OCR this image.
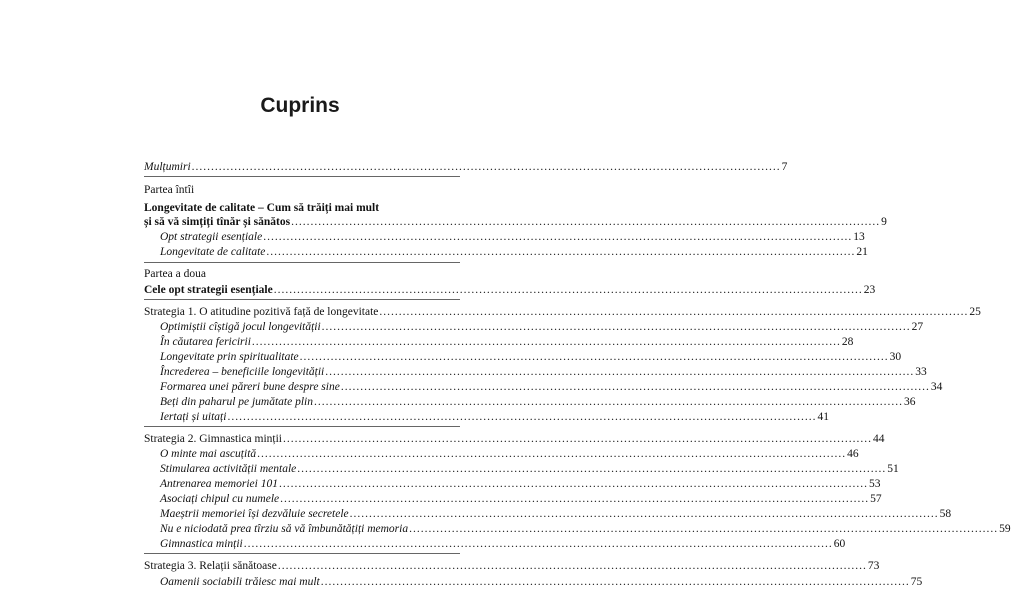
Cuprins
Mulțumiri ........................................................................................................................................................ 7
Partea întîi
Longevitate de calitate – Cum să trăiți mai mult
și să vă simțiți tînăr și sănătos ........................................................................................................................................................ 9
Opt strategii esențiale ........................................................................................................................................................ 13
Longevitate de calitate ........................................................................................................................................................ 21
Partea a doua
Cele opt strategii esențiale ........................................................................................................................................................ 23
Strategia 1. O atitudine pozitivă față de longevitate ........................................................................................................................................................ 25
Optimiștii cîștigă jocul longevității ........................................................................................................................................................ 27
În căutarea fericirii ........................................................................................................................................................ 28
Longevitate prin spiritualitate ........................................................................................................................................................ 30
Încrederea – beneficiile longevității ........................................................................................................................................................ 33
Formarea unei păreri bune despre sine ........................................................................................................................................................ 34
Beți din paharul pe jumătate plin ........................................................................................................................................................ 36
Iertați și uitați ........................................................................................................................................................ 41
Strategia 2. Gimnastica minții ........................................................................................................................................................ 44
O minte mai ascuțită ........................................................................................................................................................ 46
Stimularea activității mentale ........................................................................................................................................................ 51
Antrenarea memoriei 101 ........................................................................................................................................................ 53
Asociați chipul cu numele ........................................................................................................................................................ 57
Maeștrii memoriei își dezvăluie secretele ........................................................................................................................................................ 58
Nu e niciodată prea tîrziu să vă îmbunătățiți memoria ........................................................................................................................................................ 59
Gimnastica minții ........................................................................................................................................................ 60
Strategia 3. Relații sănătoase ........................................................................................................................................................ 73
Oamenii sociabili trăiesc mai mult ........................................................................................................................................................ 75
